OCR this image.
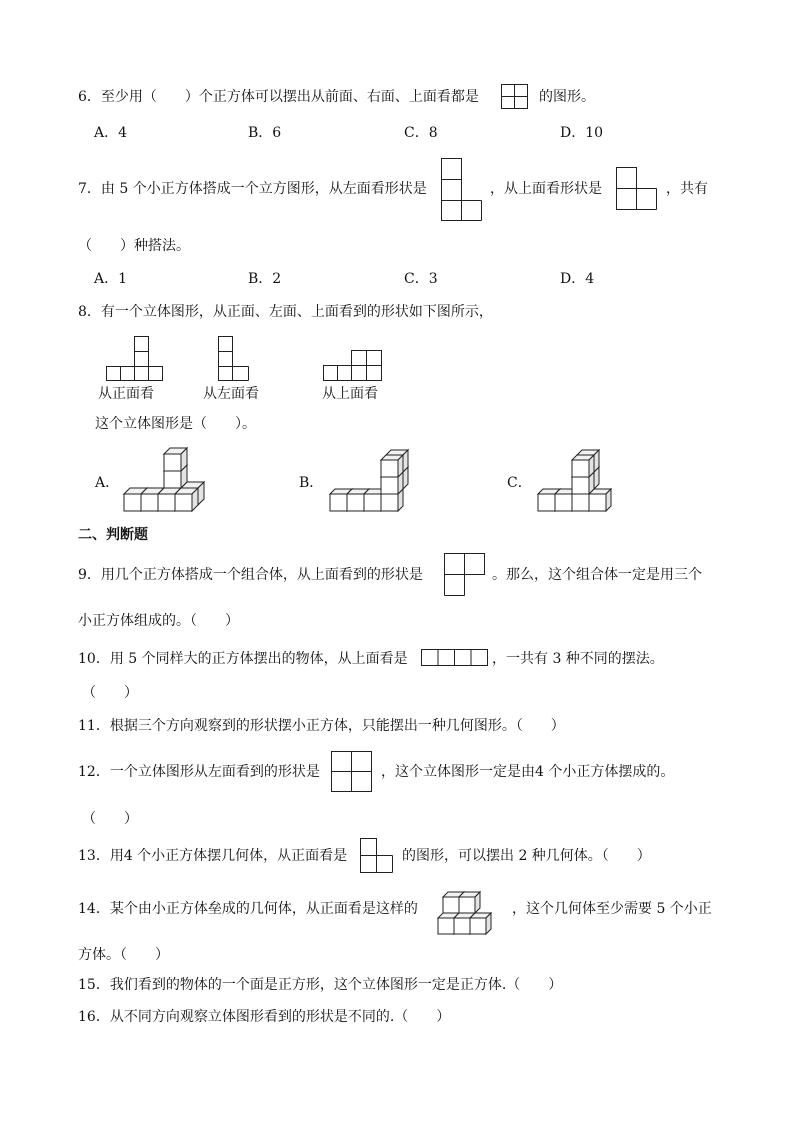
6．至少用（　　）个正方体可以摆出从前面、右面、上面看都是	的图形。
A．4	B．6	C．8	D．10
7．由 5 个小正方体搭成一个立方图形，从左面看形状是	，从上面看形状是	，共有
（　　）种搭法。
A．1	B．2	C．3	D．4
8．有一个立体图形，从正面、左面、上面看到的形状如下图所示，
从正面看	从左面看	从上面看
这个立体图形是（　　）。
A．	B．	C．
二、判断题
9．用几个正方体搭成一个组合体，从上面看到的形状是	。那么，这个组合体一定是用三个
小正方体组成的。（　　）
10．用 5 个同样大的正方体摆出的物体，从上面看是	，一共有 3 种不同的摆法。
（　　）
11．根据三个方向观察到的形状摆小正方体，只能摆出一种几何图形。（　　）
12．一个立体图形从左面看到的形状是	，这个立体图形一定是由4 个小正方体摆成的。
（　　）
13．用4 个小正方体摆几何体，从正面看是	的图形，可以摆出 2 种几何体。（　　）
14．某个由小正方体垒成的几何体，从正面看是这样的	，这个几何体至少需要 5 个小正
方体。（　　）
15．我们看到的物体的一个面是正方形，这个立体图形一定是正方体.（　　）
16．从不同方向观察立体图形看到的形状是不同的.（　　）
